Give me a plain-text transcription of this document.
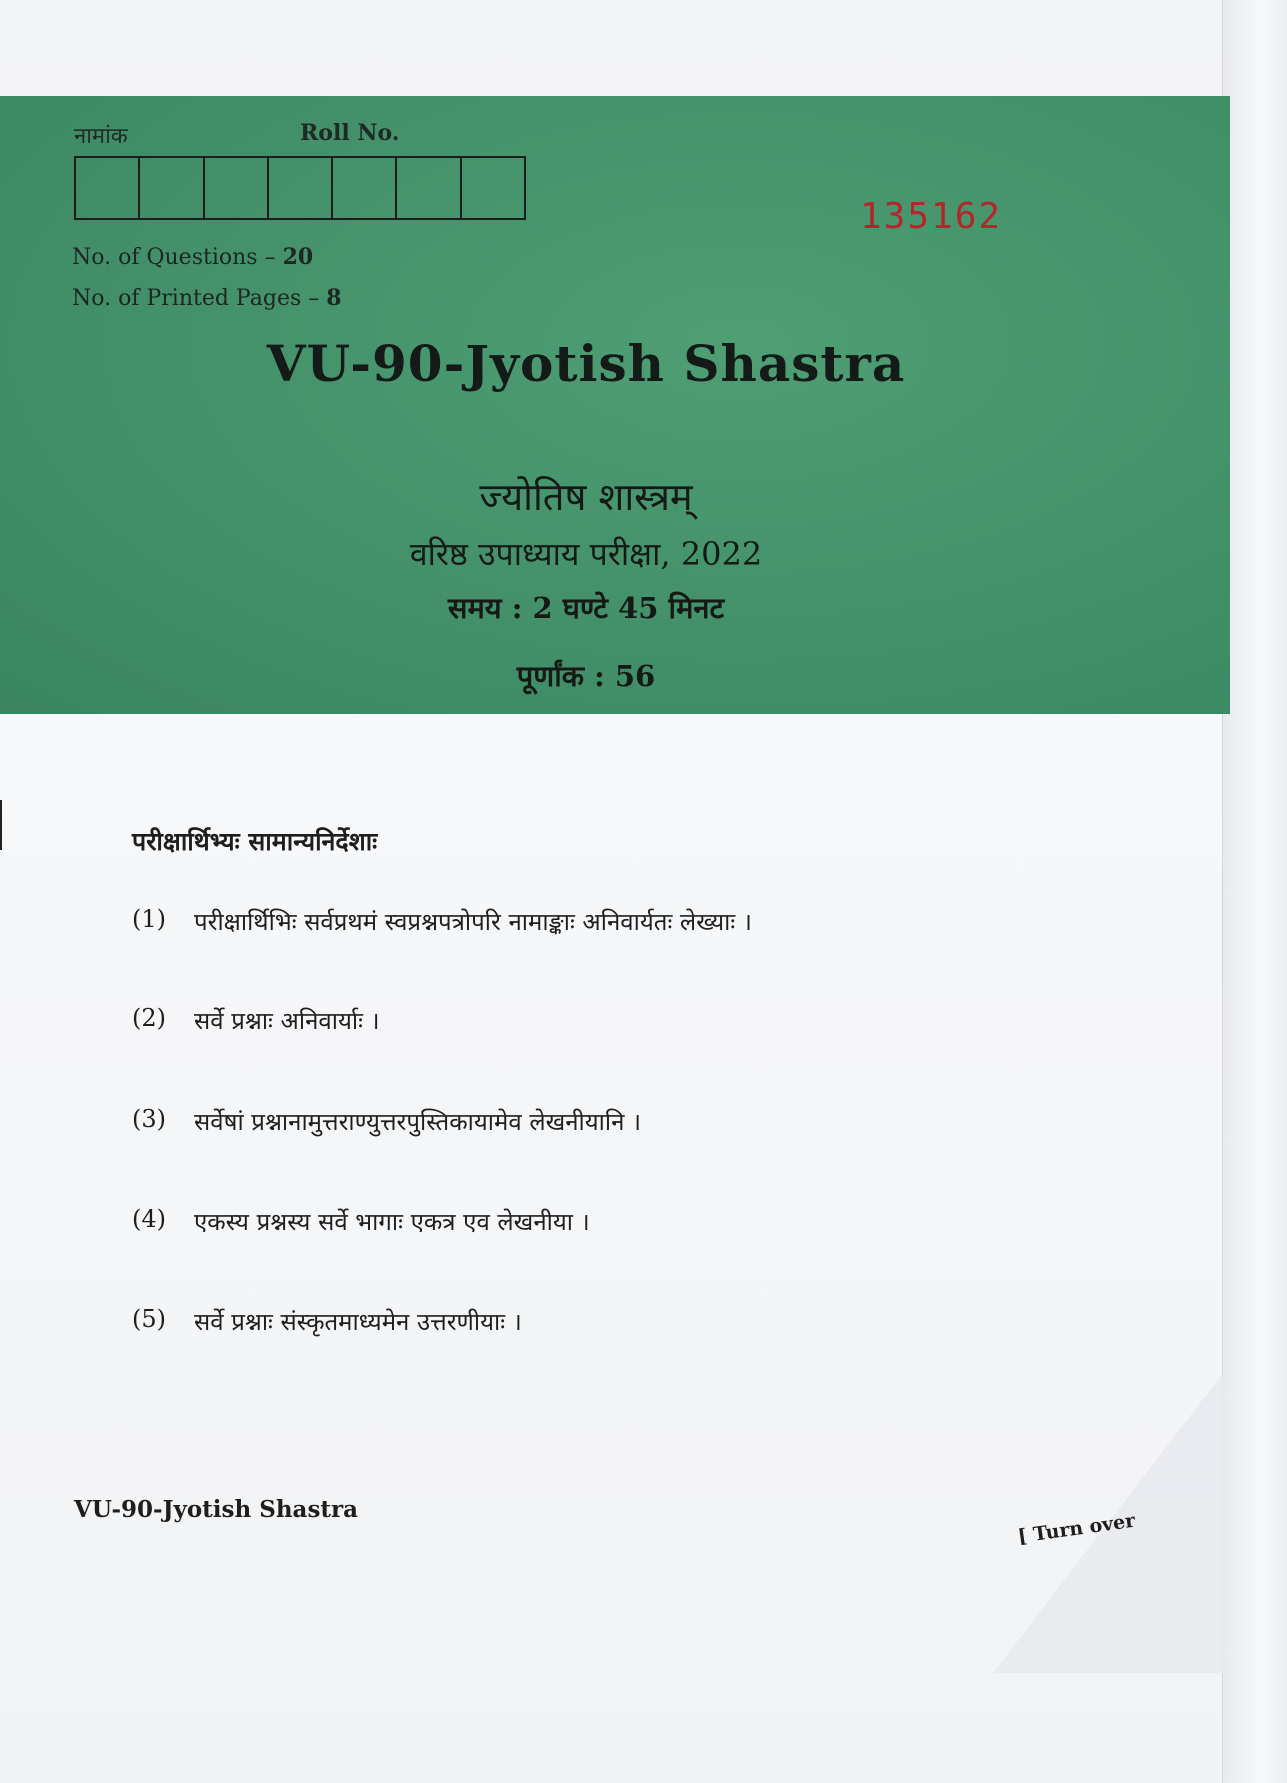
नामांक	Roll No.
135162
No. of Questions – 20
No. of Printed Pages – 8
VU-90-Jyotish Shastra
ज्योतिष शास्त्रम्
वरिष्ठ उपाध्याय परीक्षा, 2022
समय : 2 घण्टे 45 मिनट
पूर्णांक : 56
परीक्षार्थिभ्यः सामान्यनिर्देशाः
(1)	परीक्षार्थिभिः सर्वप्रथमं स्वप्रश्नपत्रोपरि नामाङ्काः अनिवार्यतः लेख्याः ।
(2)	सर्वे प्रश्नाः अनिवार्याः ।
(3)	सर्वेषां प्रश्नानामुत्तराण्युत्तरपुस्तिकायामेव लेखनीयानि ।
(4)	एकस्य प्रश्नस्य सर्वे भागाः एकत्र एव लेखनीया ।
(5)	सर्वे प्रश्नाः संस्कृतमाध्यमेन उत्तरणीयाः ।
VU-90-Jyotish Shastra
[ Turn over
